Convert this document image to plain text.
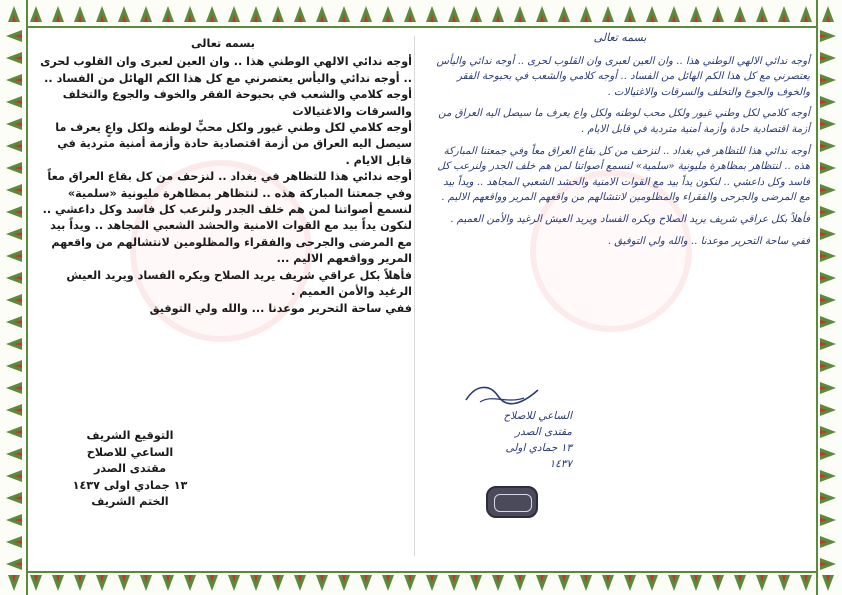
بسمه تعالى

أوجه ندائي الالهي الوطني هذا .. وان العين لعبرى وان القلوب لحرى .. أوجه ندائي واليأس يعتصرني مع كل هذا الكم الهائل من الفساد .. أوجه كلامي والشعب في بحبوحة الفقر والخوف والجوع والتخلف والسرقات والاغتيالات

أوجه كلامي لكل وطني غيور ولكل محبٍّ لوطنه ولكل واعٍ يعرف ما سيصل اليه العراق من أزمة اقتصادية حادة وأزمة أمنية متردية في قابل الايام .

أوجه ندائي هذا للتظاهر في بغداد .. لنزحف من كل بقاع العراق معاً وفي جمعتنا المباركة هذه .. لنتظاهر بمظاهرة مليونية «سلمية» لنسمع أصواتنا لمن هم خلف الجدر ولنرعب كل فاسد وكل داعشي .. لنكون يداً بيد مع القوات الامنية والحشد الشعبي المجاهد .. ويداً بيد مع المرضى والجرحى والفقراء والمظلومين لانتشالهم من واقعهم المرير وواقعهم الاليم ...

فأهلاً بكل عراقي شريف يريد الصلاح ويكره الفساد ويريد العيش الرغيد والأمن العميم .

ففي ساحة التحرير موعدنا ... والله ولي التوفيق

التوقيع الشريف
الساعي للاصلاح
مقتدى الصدر
١٣ جمادي اولى ١٤٣٧
الختم الشريف

بسمه تعالى

أوجه ندائي الالهي الوطني هذا .. وان العين لعبرى وان القلوب لحرى .. أوجه ندائي واليأس يعتصرني مع كل هذا الكم الهائل من الفساد .. أوجه كلامي والشعب في بحبوحة الفقر والخوف والجوع والتخلف والسرقات والاغتيالات .

أوجه كلامي لكل وطني غيور ولكل محب لوطنه ولكل واع يعرف ما سيصل اليه العراق من أزمة اقتصادية حادة وأزمة أمنية متردية في قابل الايام .

أوجه ندائي هذا للتظاهر في بغداد .. لنزحف من كل بقاع العراق معاً وفي جمعتنا المباركة هذه .. لنتظاهر بمظاهرة مليونية «سلمية» لنسمع أصواتنا لمن هم خلف الجدر ولنرعب كل فاسد وكل داعشي .. لنكون يداً بيد مع القوات الامنية والحشد الشعبي المجاهد .. ويداً بيد مع المرضى والجرحى والفقراء والمظلومين لانتشالهم من واقعهم المرير وواقعهم الاليم .

فأهلاً بكل عراقي شريف يريد الصلاح ويكره الفساد ويريد العيش الرغيد والأمن العميم .

ففي ساحة التحرير موعدنا .. والله ولي التوفيق .

الساعي للاصلاح
مقتدى الصدر
١٣ جمادي اولى
١٤٣٧
